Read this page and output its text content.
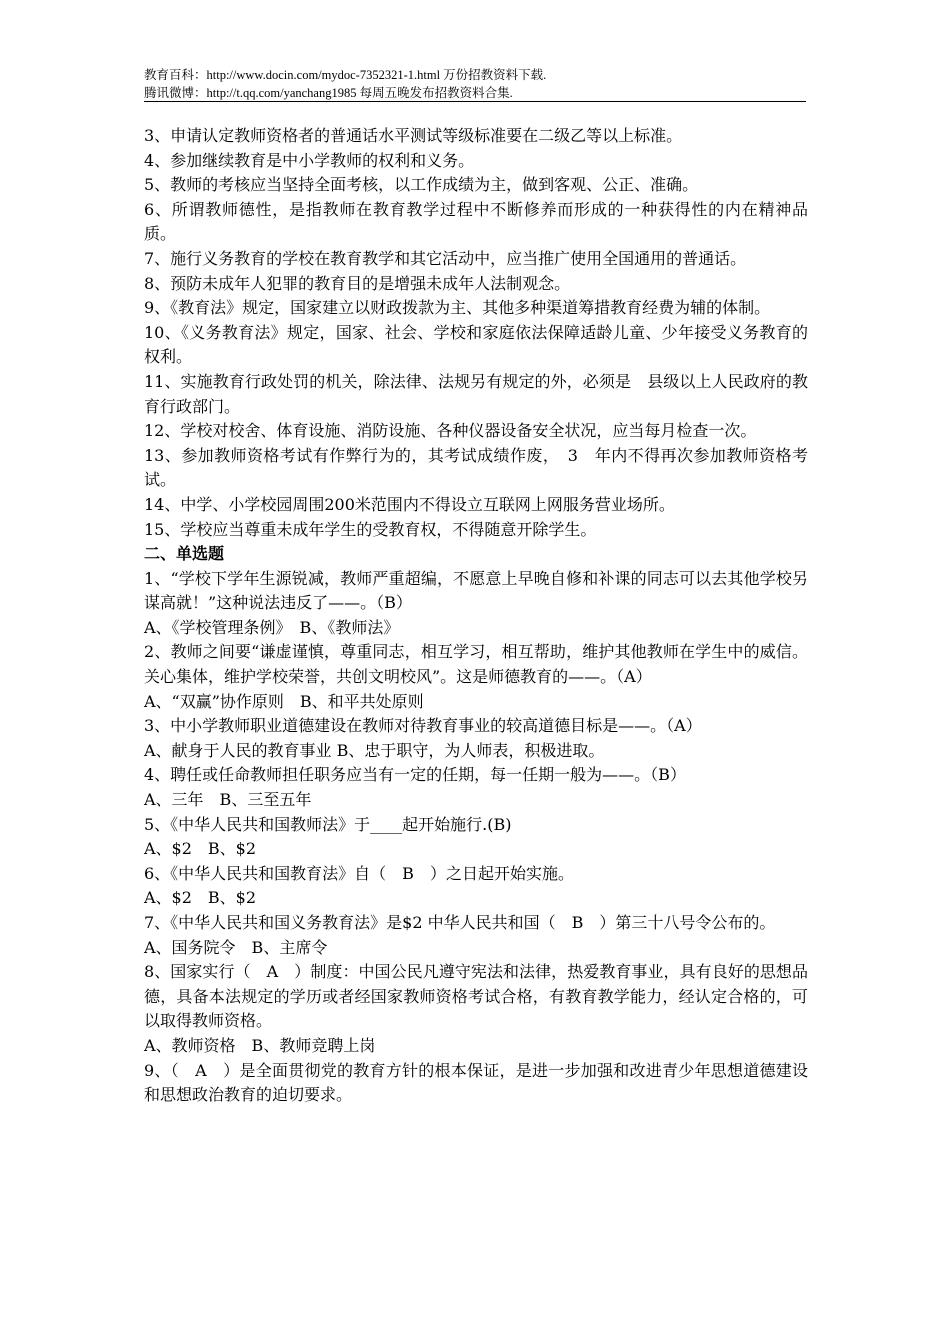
教育百科：http://www.docin.com/mydoc-7352321-1.html 万份招教资料下载.
腾讯微博：http://t.qq.com/yanchang1985 每周五晚发布招教资料合集.

3、申请认定教师资格者的普通话水平测试等级标准要在二级乙等以上标准。

4、参加继续教育是中小学教师的权利和义务。

5、教师的考核应当坚持全面考核，以工作成绩为主，做到客观、公正、准确。

6、所谓教师德性，是指教师在教育教学过程中不断修养而形成的一种获得性的内在精神品质。

7、施行义务教育的学校在教育教学和其它活动中，应当推广使用全国通用的普通话。

8、预防未成年人犯罪的教育目的是增强未成年人法制观念。

9、《教育法》规定，国家建立以财政拨款为主、其他多种渠道筹措教育经费为辅的体制。

10、《义务教育法》规定，国家、社会、学校和家庭依法保障适龄儿童、少年接受义务教育的权利。

11、实施教育行政处罚的机关，除法律、法规另有规定的外，必须是　县级以上人民政府的教育行政部门。

12、学校对校舍、体育设施、消防设施、各种仪器设备安全状况，应当每月检查一次。

13、参加教师资格考试有作弊行为的，其考试成绩作废，　3　年内不得再次参加教师资格考试。

14、中学、小学校园周围200米范围内不得设立互联网上网服务营业场所。

15、学校应当尊重未成年学生的受教育权，不得随意开除学生。

二、单选题

1、“学校下学年生源锐减，教师严重超编，不愿意上早晚自修和补课的同志可以去其他学校另谋高就！”这种说法违反了——。（B）

A、《学校管理条例》　B、《教师法》

2、教师之间要“谦虚谨慎，尊重同志，相互学习，相互帮助，维护其他教师在学生中的威信。关心集体，维护学校荣誉，共创文明校风”。这是师德教育的——。（A）

A、“双赢”协作原则　B、和平共处原则

3、中小学教师职业道德建设在教师对待教育事业的较高道德目标是——。（A）

A、献身于人民的教育事业 B、忠于职守，为人师表，积极进取。

4、聘任或任命教师担任职务应当有一定的任期，每一任期一般为——。（B）

A、三年　B、三至五年

5、《中华人民共和国教师法》于____起开始施行.(B)

A、$2　B、$2

6、《中华人民共和国教育法》自（　B　）之日起开始实施。

A、$2　B、$2

7、《中华人民共和国义务教育法》是$2 中华人民共和国（　B　）第三十八号令公布的。

A、国务院令　B、主席令

8、国家实行（　A　）制度：中国公民凡遵守宪法和法律，热爱教育事业，具有良好的思想品德，具备本法规定的学历或者经国家教师资格考试合格，有教育教学能力，经认定合格的，可以取得教师资格。

A、教师资格　B、教师竞聘上岗

9、（　A　）是全面贯彻党的教育方针的根本保证，是进一步加强和改进青少年思想道德建设和思想政治教育的迫切要求。
